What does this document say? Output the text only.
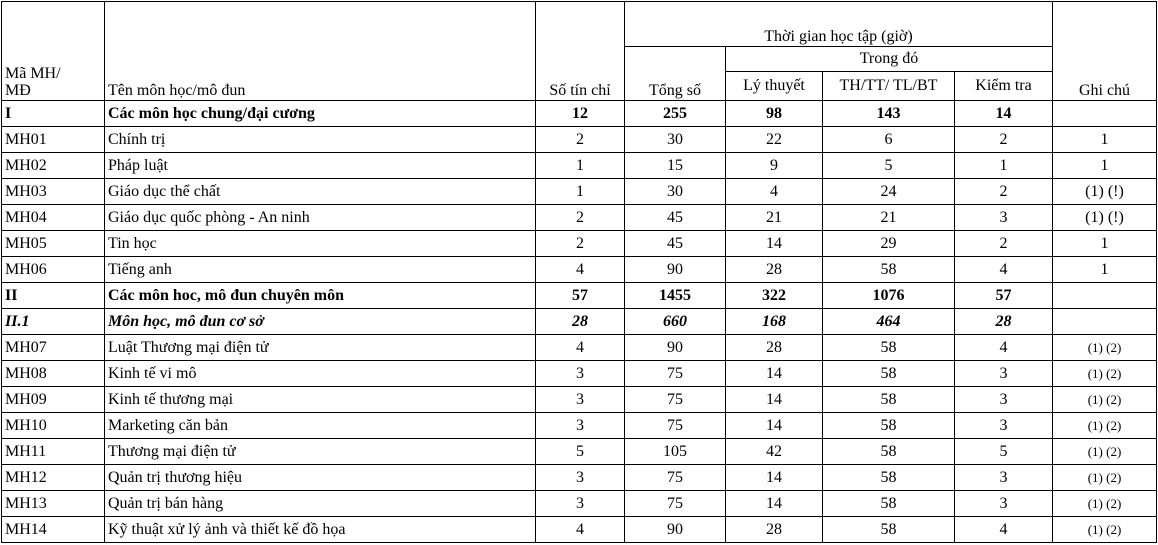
Mã MH/
MĐ	Tên môn học/mô đun	Số tín chỉ	Thời gian học tập (giờ)				Ghi chú
			Tổng số	Trong đó			
				Lý thuyết	TH/TT/ TL/BT	Kiểm tra	
I	Các môn học chung/đại cương	12	255	98	143	14	
MH01	Chính trị	2	30	22	6	2	1
MH02	Pháp luật	1	15	9	5	1	1
MH03	Giáo dục thể chất	1	30	4	24	2	(1) (!)
MH04	Giáo dục quốc phòng - An ninh	2	45	21	21	3	(1) (!)
MH05	Tin học	2	45	14	29	2	1
MH06	Tiếng anh	4	90	28	58	4	1
II	Các môn hoc, mô đun chuyên môn	57	1455	322	1076	57	
II.1	Môn học, mô đun cơ sở	28	660	168	464	28	
MH07	Luật Thương mại điện tử	4	90	28	58	4	(1) (2)
MH08	Kinh tế vi mô	3	75	14	58	3	(1) (2)
MH09	Kinh tế thương mại	3	75	14	58	3	(1) (2)
MH10	Marketing căn bản	3	75	14	58	3	(1) (2)
MH11	Thương mại điện tử	5	105	42	58	5	(1) (2)
MH12	Quản trị thương hiệu	3	75	14	58	3	(1) (2)
MH13	Quản trị bán hàng	3	75	14	58	3	(1) (2)
MH14	Kỹ thuật xử lý ảnh và thiết kế đồ họa	4	90	28	58	4	(1) (2)
